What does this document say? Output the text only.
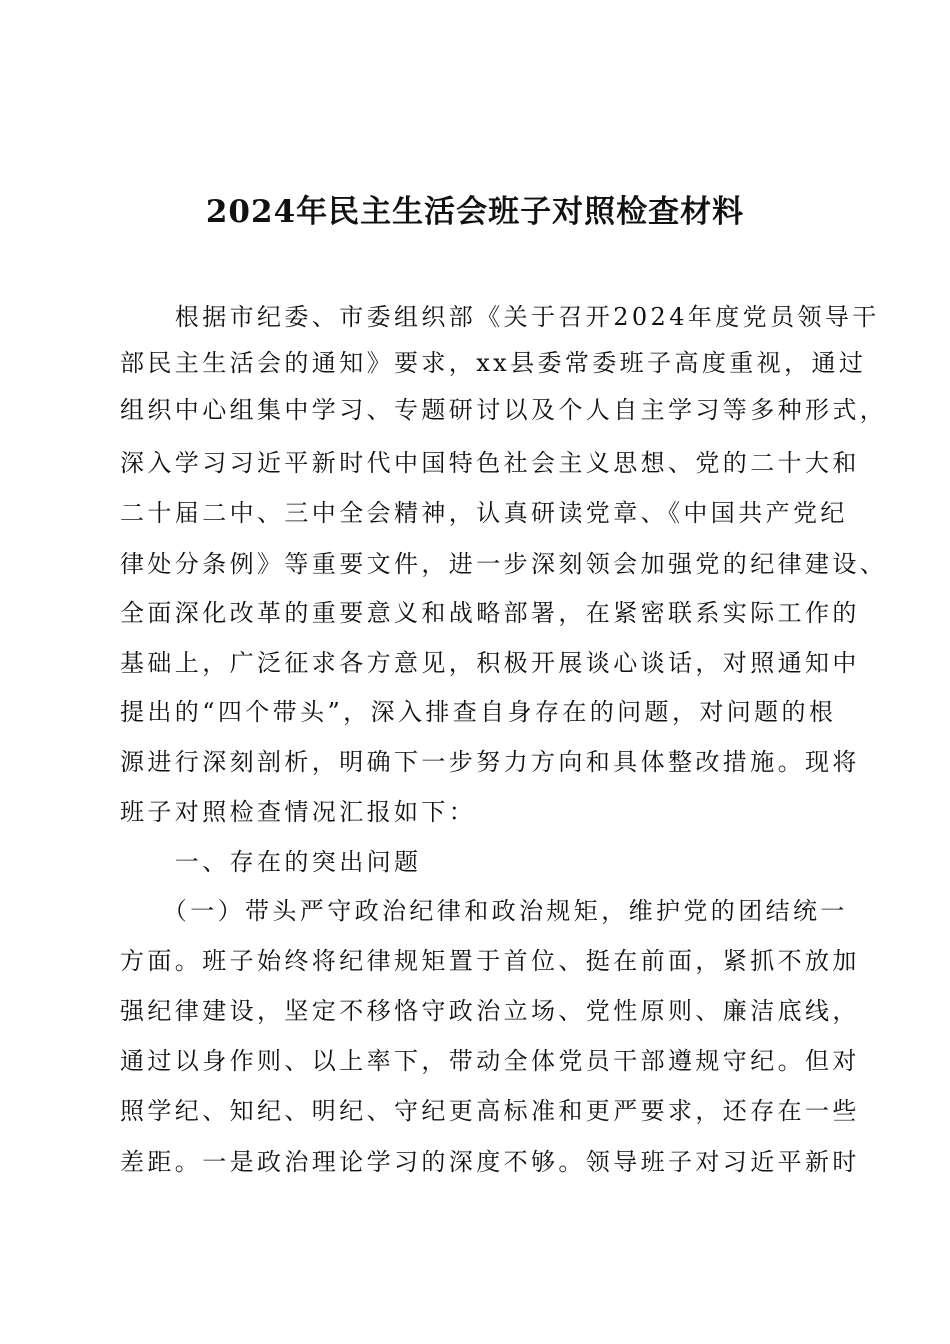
2024年民主生活会班子对照检查材料
　　根据市纪委、市委组织部《关于召开2024年度党员领导干
部民主生活会的通知》要求，xx县委常委班子高度重视，通过
组织中心组集中学习、专题研讨以及个人自主学习等多种形式，
深入学习习近平新时代中国特色社会主义思想、党的二十大和
二十届二中、三中全会精神，认真研读党章、《中国共产党纪
律处分条例》等重要文件，进一步深刻领会加强党的纪律建设、
全面深化改革的重要意义和战略部署，在紧密联系实际工作的
基础上，广泛征求各方意见，积极开展谈心谈话，对照通知中
提出的“四个带头”，深入排查自身存在的问题，对问题的根
源进行深刻剖析，明确下一步努力方向和具体整改措施。现将
班子对照检查情况汇报如下：
　　一、存在的突出问题
　　（一）带头严守政治纪律和政治规矩，维护党的团结统一
方面。班子始终将纪律规矩置于首位、挺在前面，紧抓不放加
强纪律建设，坚定不移恪守政治立场、党性原则、廉洁底线，
通过以身作则、以上率下，带动全体党员干部遵规守纪。但对
照学纪、知纪、明纪、守纪更高标准和更严要求，还存在一些
差距。一是政治理论学习的深度不够。领导班子对习近平新时
